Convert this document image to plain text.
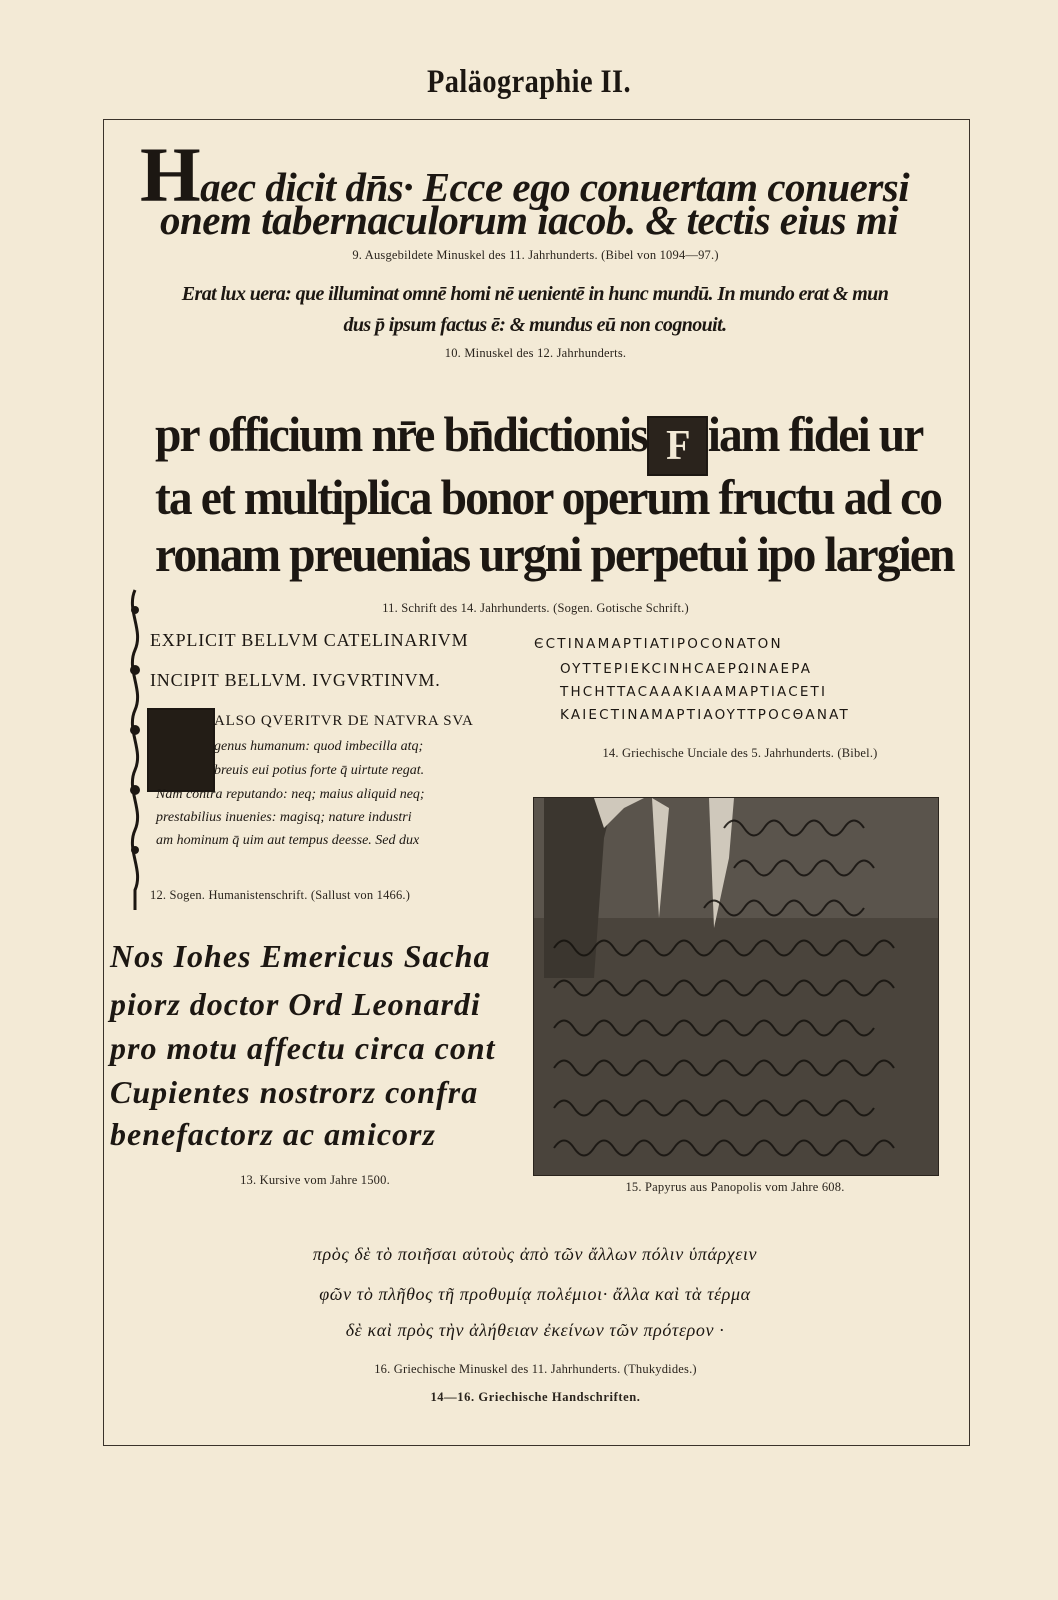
Paläographie II.
Haec dicit dn̄s· Ecce ego conuertam conuersi
onem tabernaculorum iacob. & tectis eius mi
9. Ausgebildete Minuskel des 11. Jahrhunderts. (Bibel von 1094—97.)
Erat lux uera: que illuminat omnē homi nē uenientē in hunc mundū. In mundo erat & mun
dus p̄ ipsum factus ē: & mundus eū non cognouit.
10. Minuskel des 12. Jahrhunderts.
pr officium nr̄e bn̄dictionis F iam fidei ur
ta et multiplica bonor operum fructu ad co
ronam preuenias urgni perpetui ipo largien
11. Schrift des 14. Jahrhunderts. (Sogen. Gotische Schrift.)
EXPLICIT BELLVM CATELINARIVM
INCIPIT BELLVM. IVGVRTINVM.
ALSO QVERITVR DE NATVRA SVA
genus humanum: quod imbecilla atq;
breuis eui potius forte q̄ uirtute regat.
Nam contra reputando: neq; maius aliquid neq;
prestabilius inuenies: magisq; nature industri
am hominum q̄ uim aut tempus deesse. Sed dux
12. Sogen. Humanistenschrift. (Sallust von 1466.)
ЄCTINAMAPTIATIPOCONATON
OYTTEPIEKCINHCAEPΩINAEPA
THCHTTACAAAKIAAMAPTIACETI
KAIECTINAMAPTIAOYTTPOCΘANAT
14. Griechische Unciale des 5. Jahrhunderts. (Bibel.)
Nos Iohes Emericus Sacha
piorz doctor Ord Leonardi
pro motu affectu circa cont
Cupientes nostrorz confra
benefactorz ac amicorz
13. Kursive vom Jahre 1500.	15. Papyrus aus Panopolis vom Jahre 608.
πρὸς δὲ τὸ ποιῆσαι αὐτοὺς ἀπὸ τῶν ἄλλων πόλιν ὑπάρχειν
φῶν τὸ πλῆθος τῆ προθυμίᾳ πολέμιοι· ἄλλα καὶ τὰ τέρμα
δὲ καὶ πρὸς τὴν ἀλήθειαν ἐκείνων τῶν πρότερον ·
16. Griechische Minuskel des 11. Jahrhunderts. (Thukydides.)
14—16. Griechische Handschriften.
